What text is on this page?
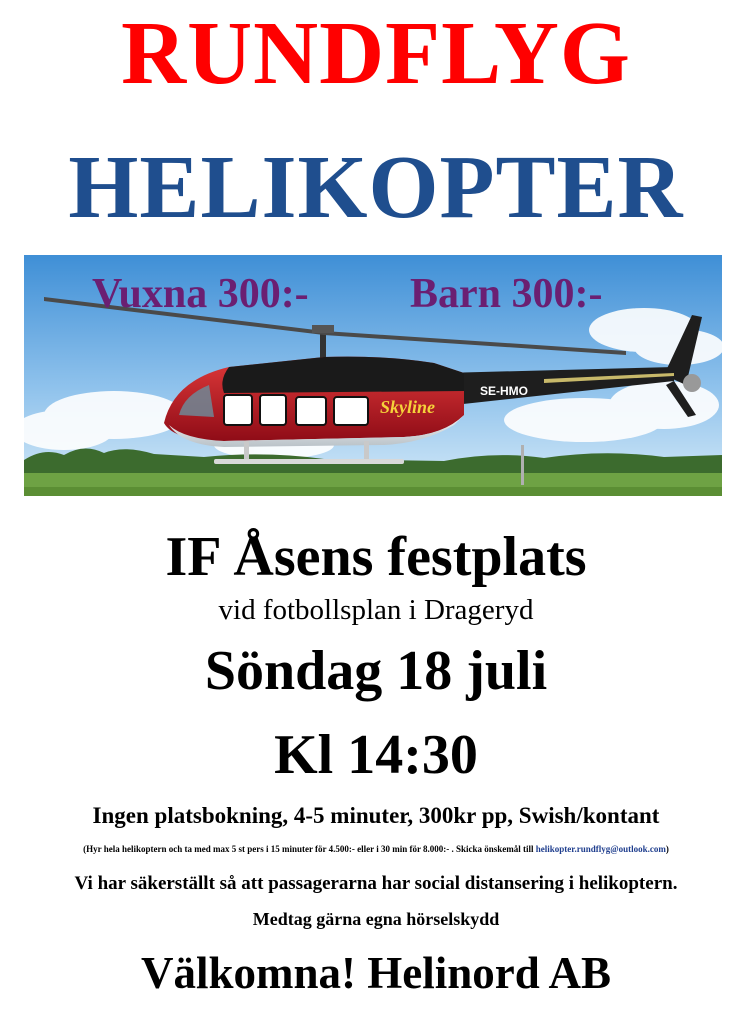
RUNDFLYG
HELIKOPTER
Skyline
SE-HMO
Vuxna 300:- Barn 300:-
IF Åsens festplats
vid fotbollsplan i Drageryd
Söndag 18 juli
Kl 14:30
Ingen platsbokning, 4-5 minuter, 300kr pp, Swish/kontant
(Hyr hela helikoptern och ta med max 5 st pers i 15 minuter för 4.500:- eller i 30 min för 8.000:- . Skicka önskemål till helikopter.rundflyg@outlook.com)
Vi har säkerställt så att passagerarna har social distansering i helikoptern.
Medtag gärna egna hörselskydd
Välkomna! Helinord AB
